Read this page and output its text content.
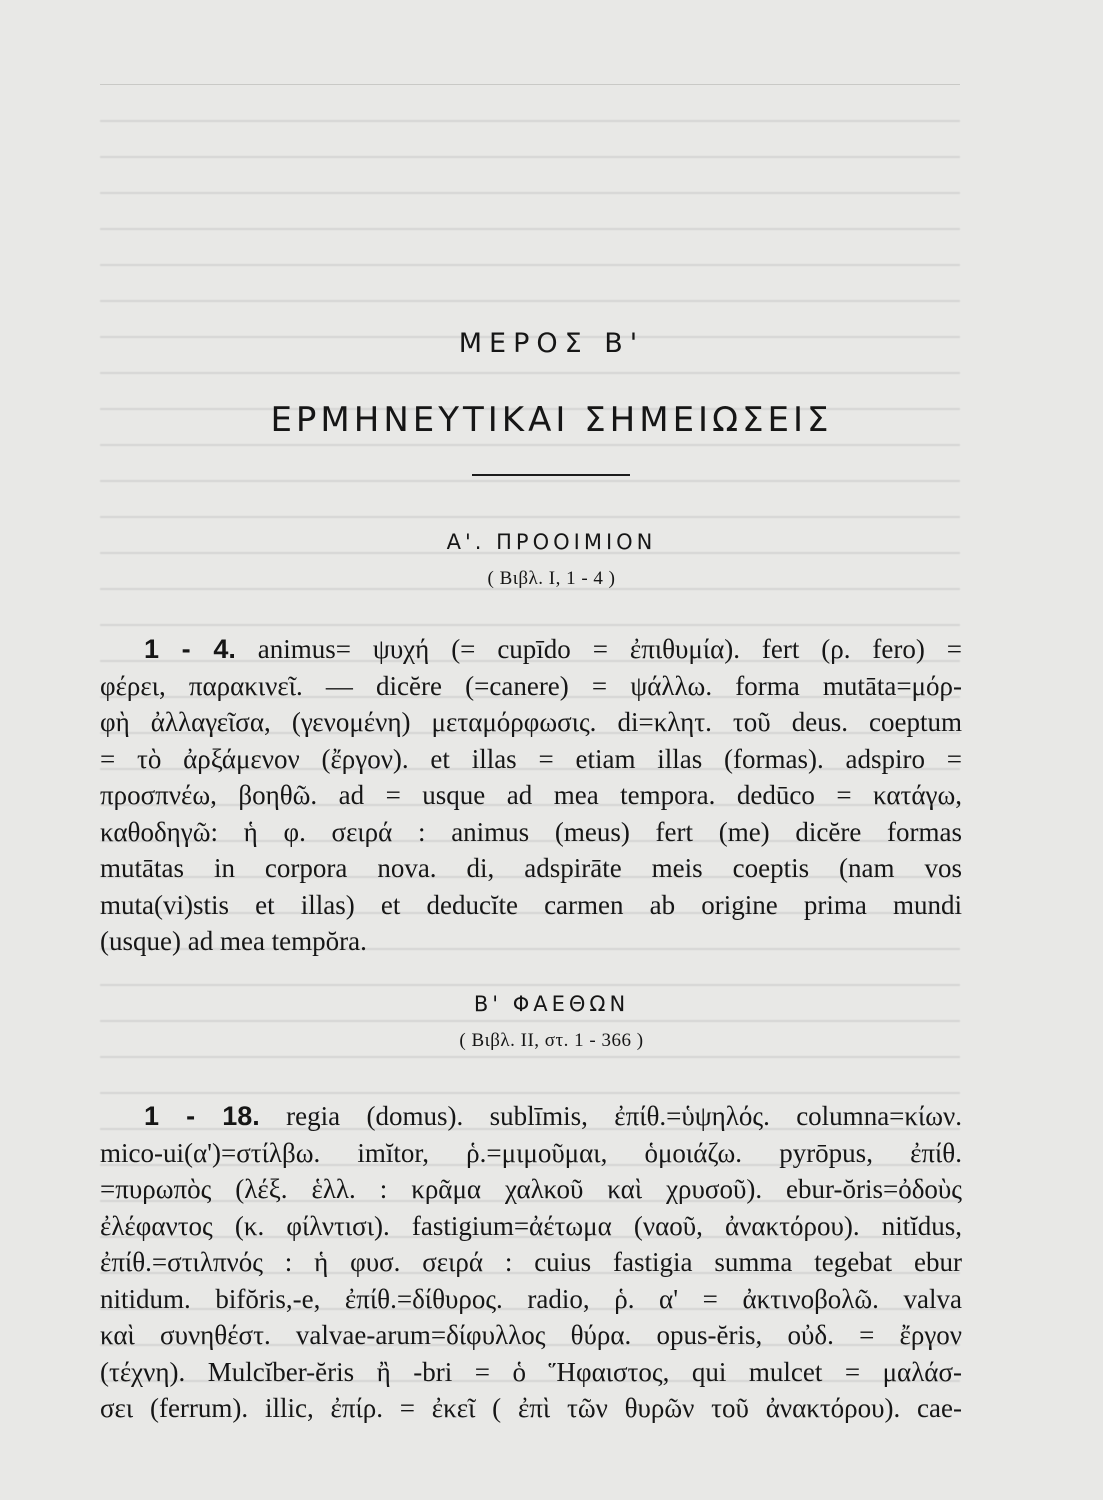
ΜΕΡΟΣ Β'
ΕΡΜΗΝΕΥΤΙΚΑΙ ΣΗΜΕΙΩΣΕΙΣ
Α'. ΠΡΟΟΙΜΙΟΝ
( Βιβλ. Ι, 1 - 4 )
1 - 4. animus= ψυχή (= cupīdo = ἐπιθυμία). fert (ρ. fero) =
φέρει, παρακινεῖ. — dicĕre (=canere) = ψάλλω. forma mutāta=μόρ-
φὴ ἀλλαγεῖσα, (γενομένη) μεταμόρφωσις. di=κλητ. τοῦ deus. coeptum
= τὸ ἀρξάμενον (ἔργον). et illas = etiam illas (formas). adspiro =
προσπνέω, βοηθῶ. ad = usque ad mea tempora. dedūco = κατάγω,
καθοδηγῶ: ἡ φ. σειρά : animus (meus) fert (me) dicĕre formas
mutātas in corpora nova. di, adspirāte meis coeptis (nam vos
muta(vi)stis et illas) et deducĭte carmen ab origine prima mundi
(usque) ad mea tempŏra.
Β' ΦΑΕΘΩΝ
( Βιβλ. ΙΙ, στ. 1 - 366 )
1 - 18. regia (domus). sublīmis, ἐπίθ.=ὑψηλός. columna=κίων.
mico-ui(α')=στίλβω. imĭtor, ῥ.=μιμοῦμαι, ὁμοιάζω. pyrōpus, ἐπίθ.
=πυρωπὸς (λέξ. ἑλλ. : κρᾶμα χαλκοῦ καὶ χρυσοῦ). ebur-ŏris=ὀδοὺς
ἐλέφαντος (κ. φίλντισι). fastigium=ἀέτωμα (ναοῦ, ἀνακτόρου). nitĭdus,
ἐπίθ.=στιλπνός : ἡ φυσ. σειρά : cuius fastigia summa tegebat ebur
nitidum. bifŏris,-e, ἐπίθ.=δίθυρος. radio, ῥ. α' = ἀκτινοβολῶ. valva
καὶ συνηθέστ. valvae-arum=δίφυλλος θύρα. opus-ĕris, οὐδ. = ἔργον
(τέχνη). Mulcĭber-ĕris ἢ -bri = ὁ Ἥφαιστος, qui mulcet = μαλάσ-
σει (ferrum). illic, ἐπίρ. = ἐκεῖ ( ἐπὶ τῶν θυρῶν τοῦ ἀνακτόρου). cae-
